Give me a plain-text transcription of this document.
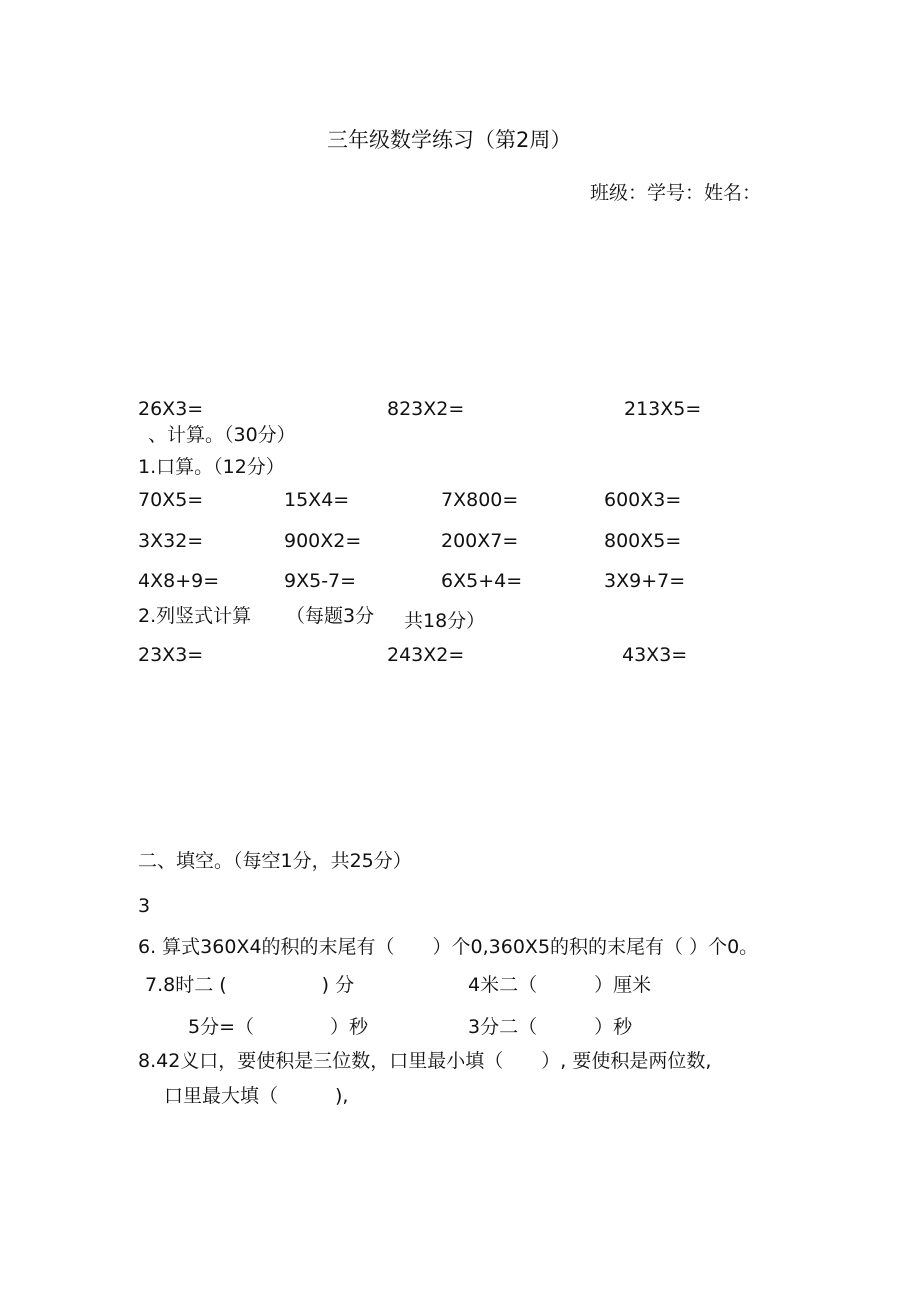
三年级数学练习（第2周）
班级：学号：姓名：
26X3=	823X2=	213X5=
、计算。（30分）
1.口算。（12分）
70X5=	15X4=	7X800=	600X3=
3X32=	900X2=	200X7=	800X5=
4X8+9=	9X5-7=	6X5+4=	3X9+7=
2.列竖式计算 （每题3分 共18分）
23X3=	243X2=	43X3=
二、填空。（每空1分，共25分）
3
6. 算式360X4的积的末尾有（　　）个0,360X5的积的末尾有（ ）个0。
7.8时二 (　　　　　) 分	4米二（　　　）厘米
5分=（　　　　）秒	3分二（　　　）秒
8.42义口，要使积是三位数，口里最小填（　　）, 要使积是两位数,
口里最大填（　　　),
